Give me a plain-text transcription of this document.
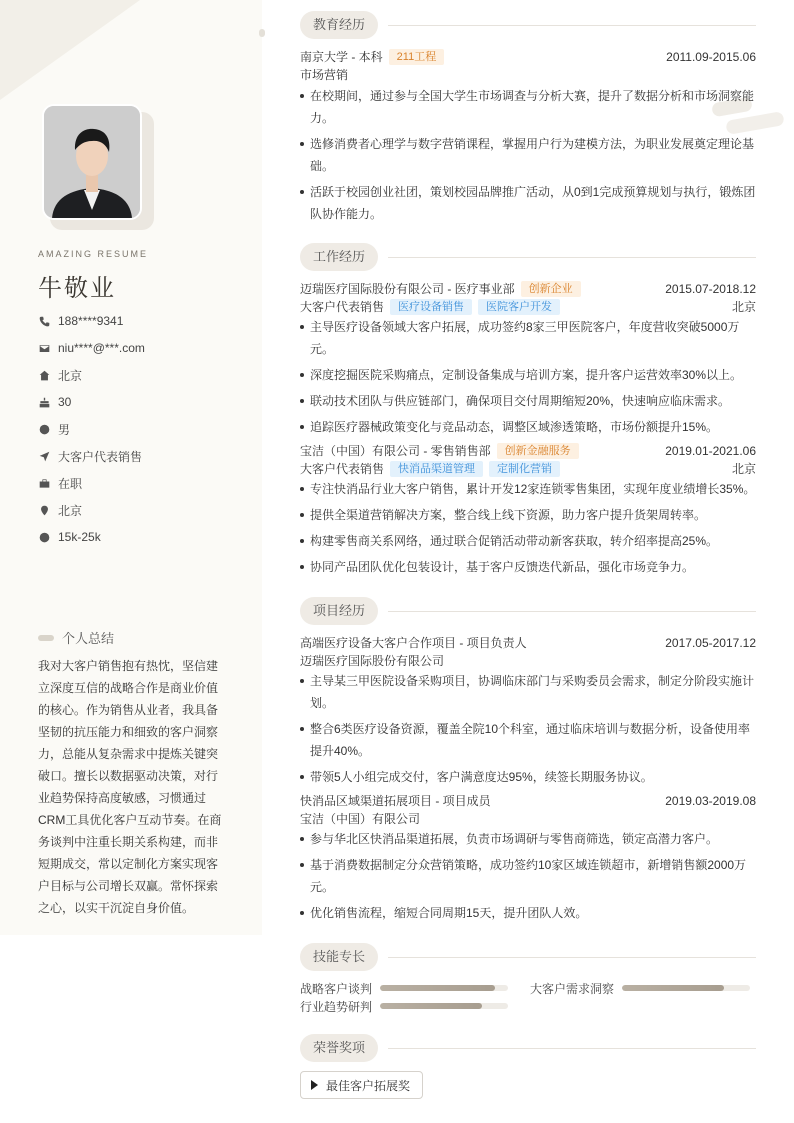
AMAZING RESUME
牛敬业
188****9341
niu****@***.com
北京
30
男
大客户代表销售
在职
北京
15k-25k
个人总结
我对大客户销售抱有热忱，坚信建立深度互信的战略合作是商业价值的核心。作为销售从业者，我具备坚韧的抗压能力和细致的客户洞察力，总能从复杂需求中提炼关键突破口。擅长以数据驱动决策，对行业趋势保持高度敏感，习惯通过CRM工具优化客户互动节奏。在商务谈判中注重长期关系构建，而非短期成交，常以定制化方案实现客户目标与公司增长双赢。常怀探索之心，以实干沉淀自身价值。
教育经历
南京大学 - 本科	211工程	2011.09-2015.06
市场营销
在校期间，通过参与全国大学生市场调查与分析大赛，提升了数据分析和市场洞察能力。
选修消费者心理学与数字营销课程，掌握用户行为建模方法，为职业发展奠定理论基础。
活跃于校园创业社团，策划校园品牌推广活动，从0到1完成预算规划与执行，锻炼团队协作能力。
工作经历
迈瑞医疗国际股份有限公司 - 医疗事业部	创新企业	2015.07-2018.12
大客户代表销售	医疗设备销售	医院客户开发	北京
主导医疗设备领域大客户拓展，成功签约8家三甲医院客户，年度营收突破5000万元。
深度挖掘医院采购痛点，定制设备集成与培训方案，提升客户运营效率30%以上。
联动技术团队与供应链部门，确保项目交付周期缩短20%，快速响应临床需求。
追踪医疗器械政策变化与竞品动态，调整区域渗透策略，市场份额提升15%。
宝洁（中国）有限公司 - 零售销售部	创新金融服务	2019.01-2021.06
大客户代表销售	快消品渠道管理	定制化营销	北京
专注快消品行业大客户销售，累计开发12家连锁零售集团，实现年度业绩增长35%。
提供全渠道营销解决方案，整合线上线下资源，助力客户提升货架周转率。
构建零售商关系网络，通过联合促销活动带动新客获取，转介绍率提高25%。
协同产品团队优化包装设计，基于客户反馈迭代新品，强化市场竞争力。
项目经历
高端医疗设备大客户合作项目 - 项目负责人	2017.05-2017.12
迈瑞医疗国际股份有限公司
主导某三甲医院设备采购项目，协调临床部门与采购委员会需求，制定分阶段实施计划。
整合6类医疗设备资源，覆盖全院10个科室，通过临床培训与数据分析，设备使用率提升40%。
带领5人小组完成交付，客户满意度达95%，续签长期服务协议。
快消品区域渠道拓展项目 - 项目成员	2019.03-2019.08
宝洁（中国）有限公司
参与华北区快消品渠道拓展，负责市场调研与零售商筛选，锁定高潜力客户。
基于消费数据制定分众营销策略，成功签约10家区域连锁超市，新增销售额2000万元。
优化销售流程，缩短合同周期15天，提升团队人效。
技能专长
战略客户谈判	大客户需求洞察
行业趋势研判
荣誉奖项
最佳客户拓展奖
